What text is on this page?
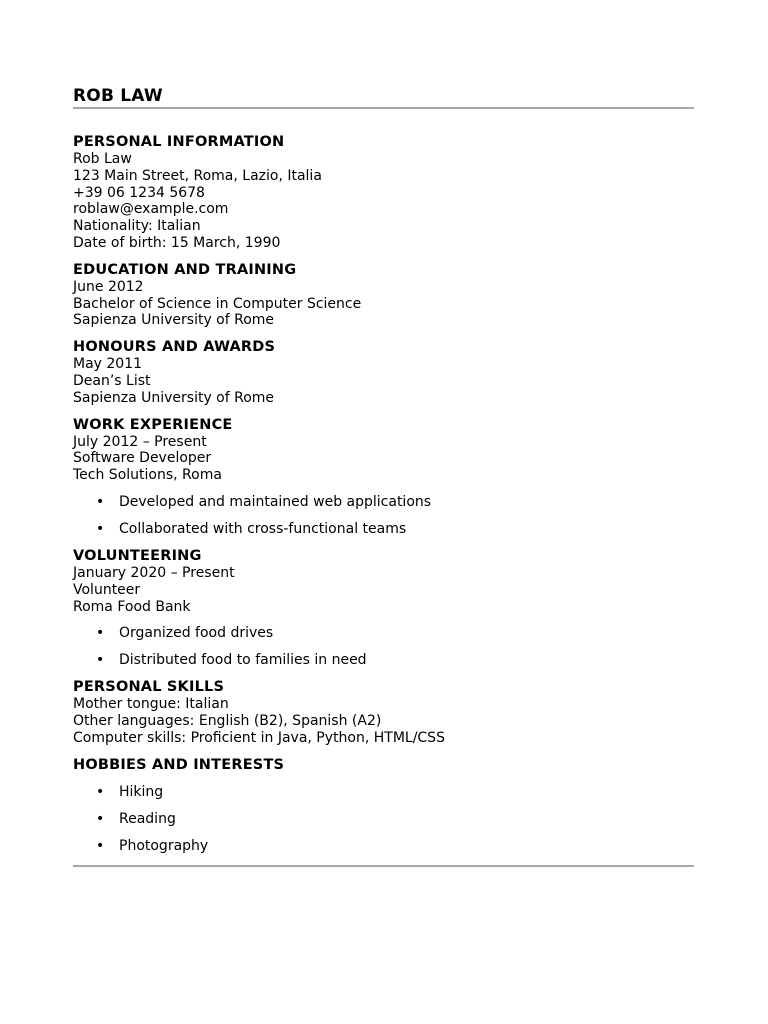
ROB LAW
PERSONAL INFORMATION
Rob Law
123 Main Street, Roma, Lazio, Italia
+39 06 1234 5678
roblaw@example.com
Nationality: Italian
Date of birth: 15 March, 1990
EDUCATION AND TRAINING
June 2012
Bachelor of Science in Computer Science
Sapienza University of Rome
HONOURS AND AWARDS
May 2011
Dean’s List
Sapienza University of Rome
WORK EXPERIENCE
July 2012 – Present
Software Developer
Tech Solutions, Roma
• Developed and maintained web applications
• Collaborated with cross-functional teams
VOLUNTEERING
January 2020 – Present
Volunteer
Roma Food Bank
• Organized food drives
• Distributed food to families in need
PERSONAL SKILLS
Mother tongue: Italian
Other languages: English (B2), Spanish (A2)
Computer skills: Proficient in Java, Python, HTML/CSS
HOBBIES AND INTERESTS
• Hiking
• Reading
• Photography
